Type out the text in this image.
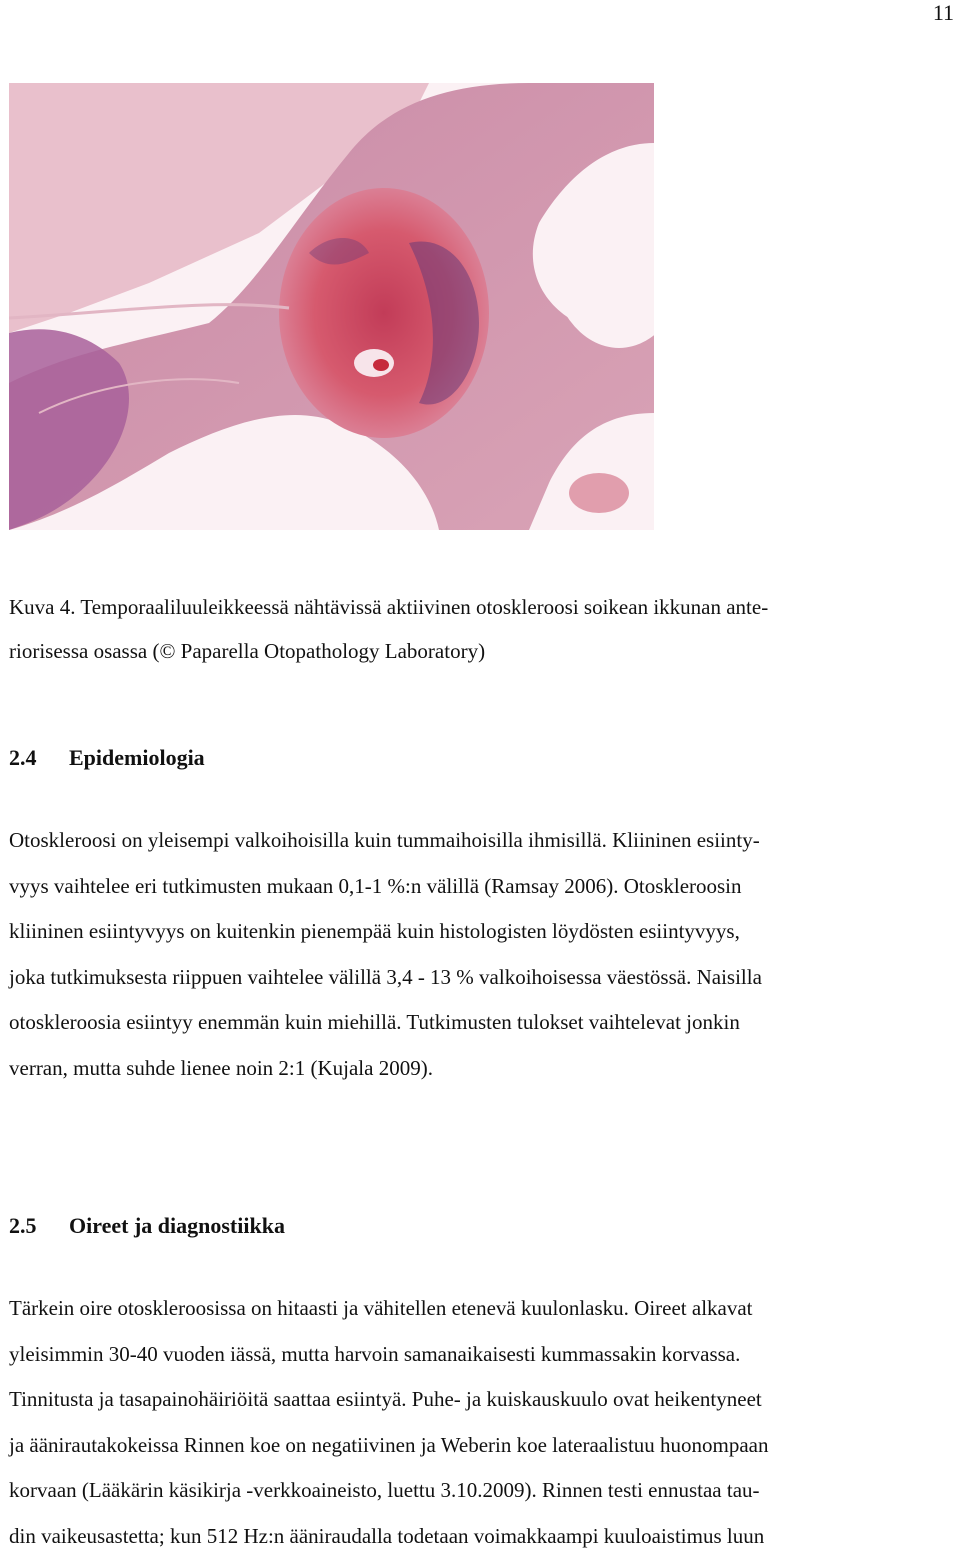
11
Kuva 4. Temporaaliluuleikkeessä nähtävissä aktiivinen otoskleroosi soikean ikkunan ante-
riorisessa osassa (© Paparella Otopathology Laboratory)
2.4 Epidemiologia
Otoskleroosi on yleisempi valkoihoisilla kuin tummaihoisilla ihmisillä. Kliininen esiinty-
vyys vaihtelee eri tutkimusten mukaan 0,1-1 %:n välillä (Ramsay 2006). Otoskleroosin
kliininen esiintyvyys on kuitenkin pienempää kuin histologisten löydösten esiintyvyys,
joka tutkimuksesta riippuen vaihtelee välillä 3,4 - 13 % valkoihoisessa väestössä. Naisilla
otoskleroosia esiintyy enemmän kuin miehillä. Tutkimusten tulokset vaihtelevat jonkin
verran, mutta suhde lienee noin 2:1 (Kujala 2009).
2.5 Oireet ja diagnostiikka
Tärkein oire otoskleroosissa on hitaasti ja vähitellen etenevä kuulonlasku. Oireet alkavat
yleisimmin 30-40 vuoden iässä, mutta harvoin samanaikaisesti kummassakin korvassa.
Tinnitusta ja tasapainohäiriöitä saattaa esiintyä. Puhe- ja kuiskauskuulo ovat heikentyneet
ja äänirautakokeissa Rinnen koe on negatiivinen ja Weberin koe lateraalistuu huonompaan
korvaan (Lääkärin käsikirja -verkkoaineisto, luettu 3.10.2009). Rinnen testi ennustaa tau-
din vaikeusastetta; kun 512 Hz:n ääniraudalla todetaan voimakkaampi kuuloaistimus luun
